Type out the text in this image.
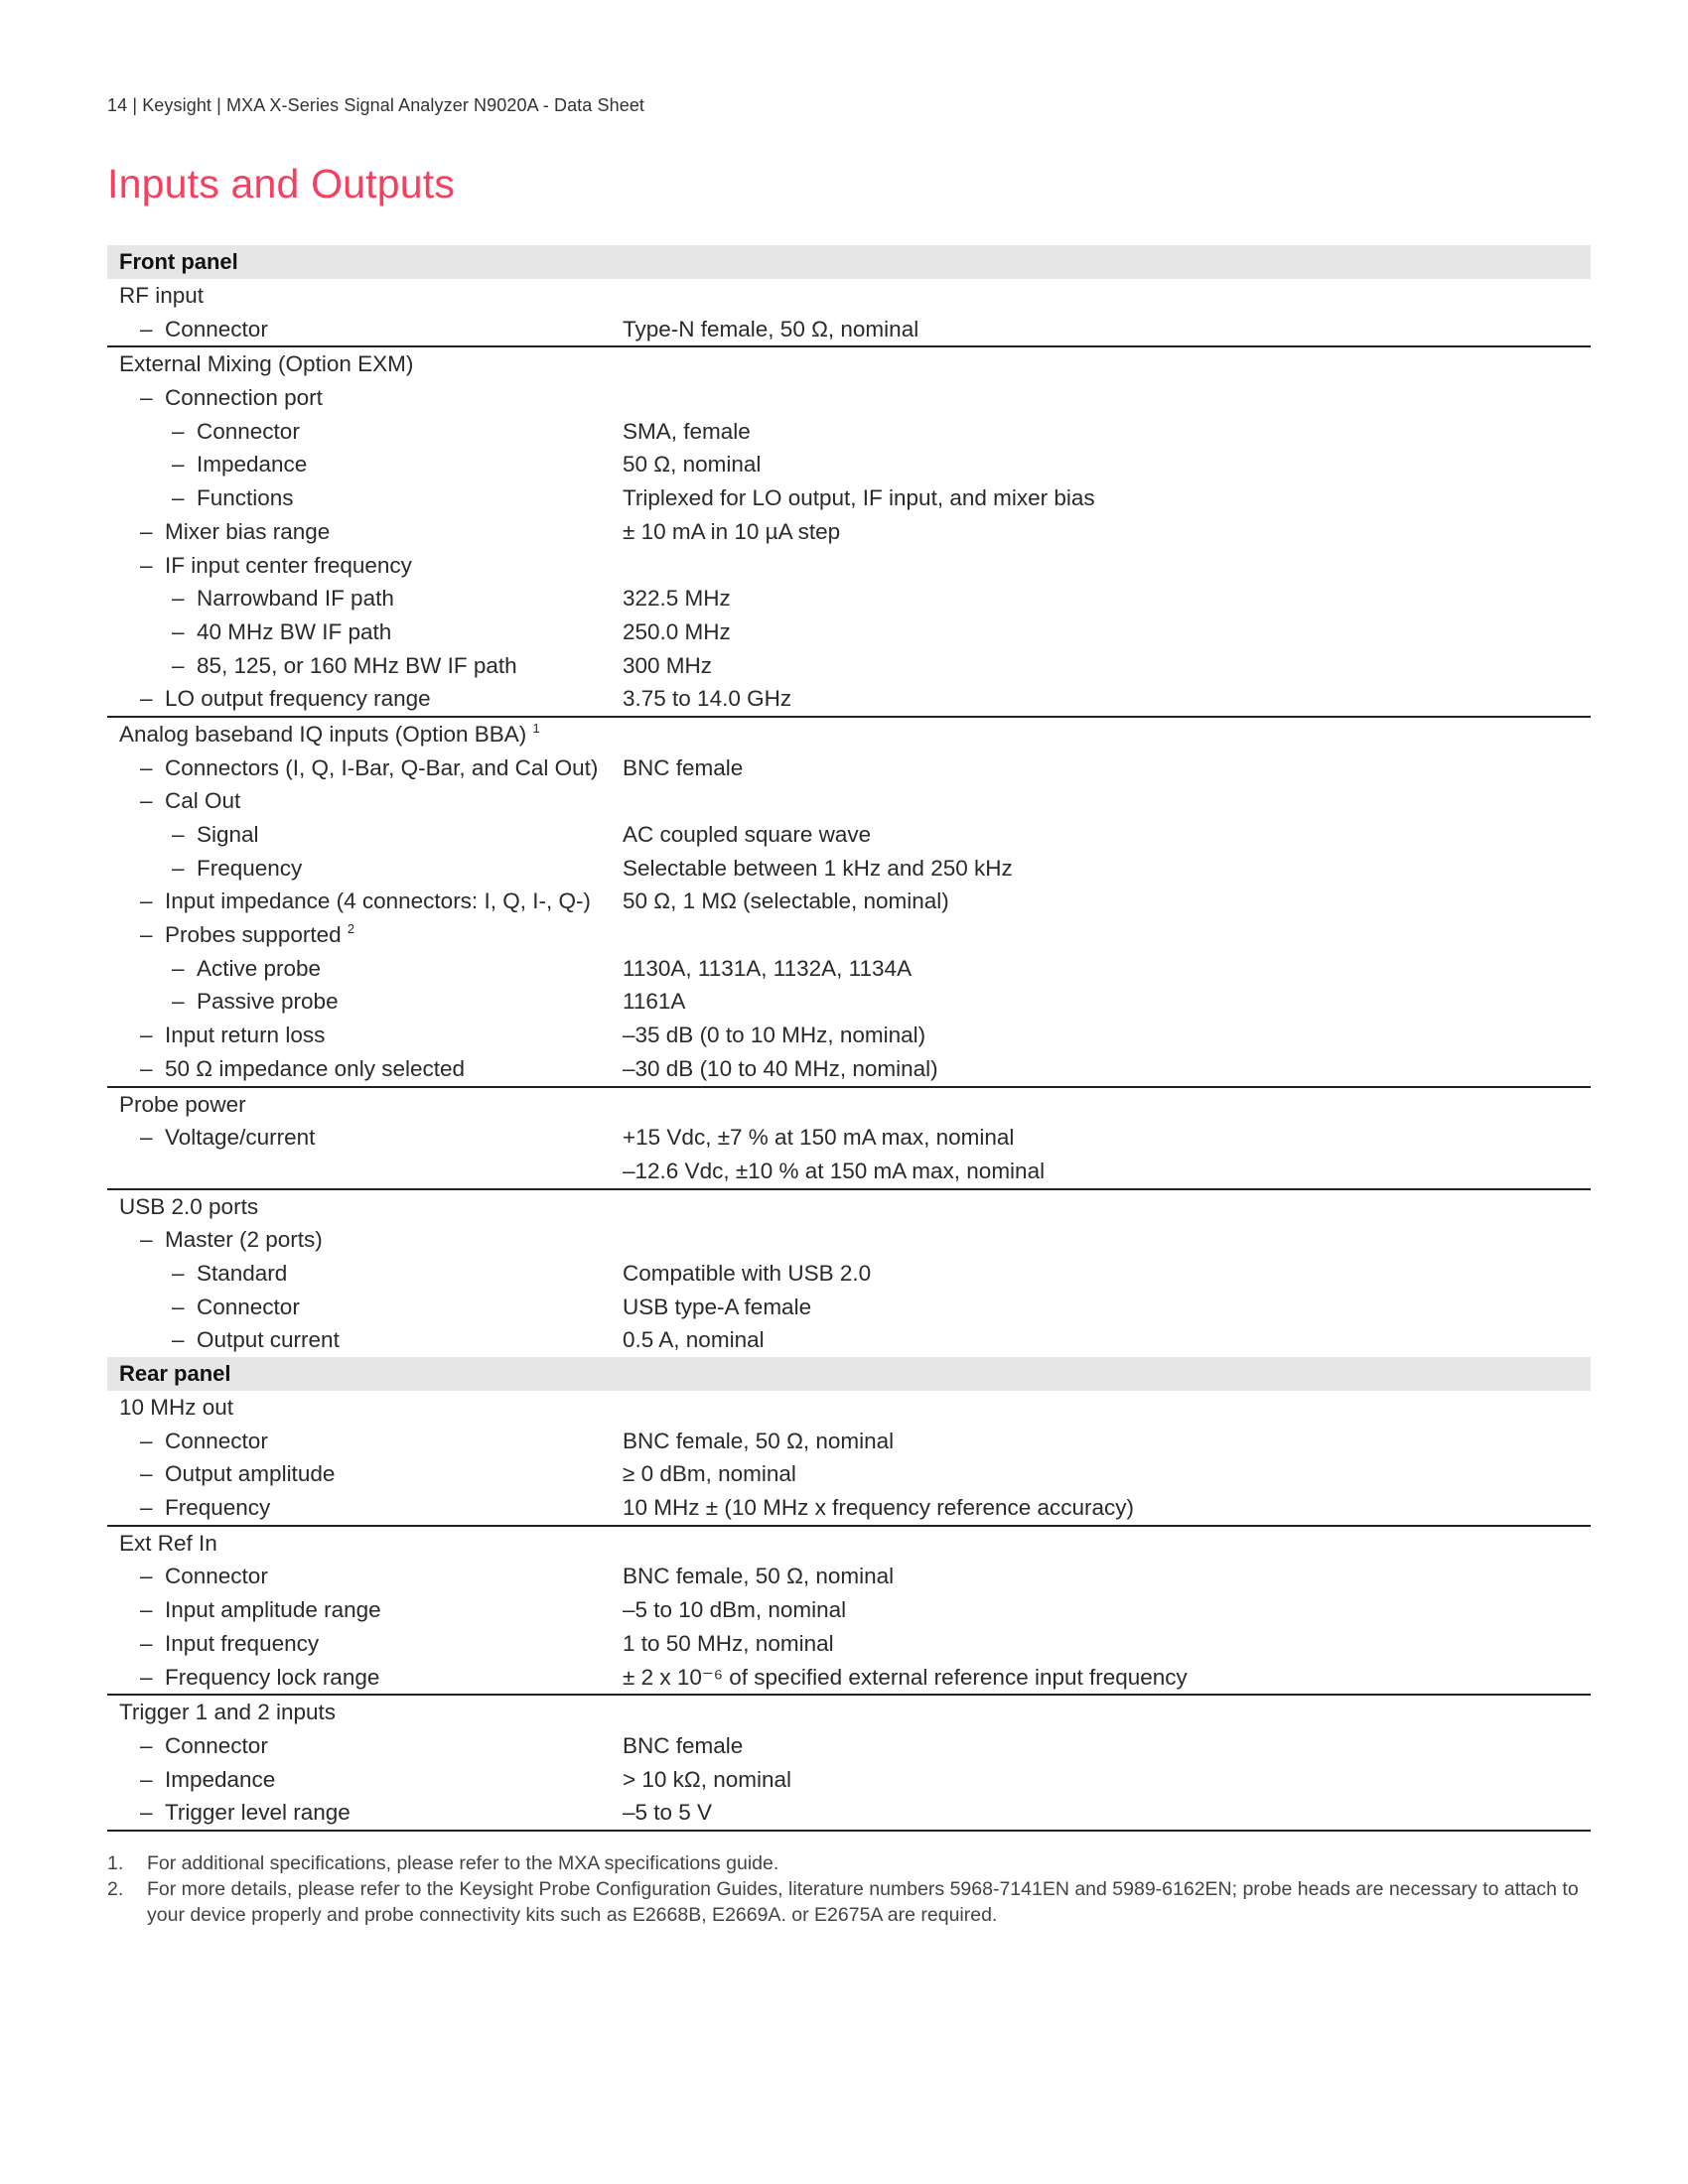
14 | Keysight | MXA X-Series Signal Analyzer N9020A - Data Sheet
Inputs and Outputs
Front panel
RF input
– Connector	Type-N female, 50 Ω, nominal
External Mixing (Option EXM)
– Connection port
– Connector	SMA, female
– Impedance	50 Ω, nominal
– Functions	Triplexed for LO output, IF input, and mixer bias
– Mixer bias range	± 10 mA in 10 µA step
– IF input center frequency
– Narrowband IF path	322.5 MHz
– 40 MHz BW IF path	250.0 MHz
– 85, 125, or 160 MHz BW IF path	300 MHz
– LO output frequency range	3.75 to 14.0 GHz
Analog baseband IQ inputs (Option BBA) $^1$
– Connectors (I, Q, I-Bar, Q-Bar, and Cal Out) BNC female
– Cal Out
– Signal	AC coupled square wave
– Frequency	Selectable between 1 kHz and 250 kHz
– Input impedance (4 connectors: I, Q, I-, Q-) 50 Ω, 1 MΩ (selectable, nominal)
– Probes supported $^2$
– Active probe	1130A, 1131A, 1132A, 1134A
– Passive probe	1161A
– Input return loss	–35 dB (0 to 10 MHz, nominal)
– 50 Ω impedance only selected	–30 dB (10 to 40 MHz, nominal)
Probe power
– Voltage/current	+15 Vdc, ±7 % at 150 mA max, nominal
–12.6 Vdc, ±10 % at 150 mA max, nominal
USB 2.0 ports
– Master (2 ports)
– Standard	Compatible with USB 2.0
– Connector	USB type-A female
– Output current	0.5 A, nominal
Rear panel
10 MHz out
– Connector	BNC female, 50 Ω, nominal
– Output amplitude	≥ 0 dBm, nominal
– Frequency	10 MHz ± (10 MHz x frequency reference accuracy)
Ext Ref In
– Connector	BNC female, 50 Ω, nominal
– Input amplitude range	–5 to 10 dBm, nominal
– Input frequency	1 to 50 MHz, nominal
– Frequency lock range	± 2 x 10⁻⁶ of specified external reference input frequency
Trigger 1 and 2 inputs
– Connector	BNC female
– Impedance	> 10 kΩ, nominal
– Trigger level range	–5 to 5 V
1. For additional specifications, please refer to the MXA specifications guide.
2. For more details, please refer to the Keysight Probe Configuration Guides, literature numbers 5968-7141EN and 5989-6162EN; probe heads are necessary to attach to your device properly and probe connectivity kits such as E2668B, E2669A. or E2675A are required.
